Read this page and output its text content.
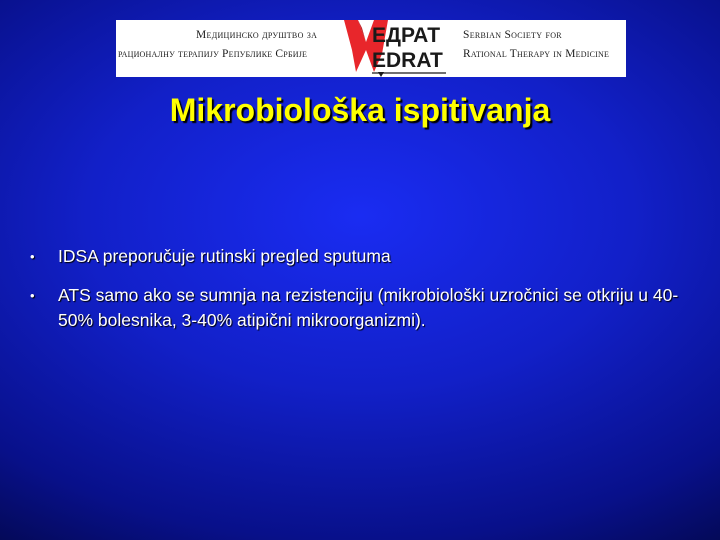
Медицинско друштво за
рационалну терапију Републике Србије
ЕДРАТ
EDRAT
Serbian Society for
Rational Therapy in Medicine
Mikrobiološka ispitivanja
• IDSA preporučuje rutinski pregled sputuma
• ATS samo ako se sumnja na rezistenciju (mikrobiološki uzročnici se otkriju u 40-50% bolesnika, 3-40% atipični mikroorganizmi).
